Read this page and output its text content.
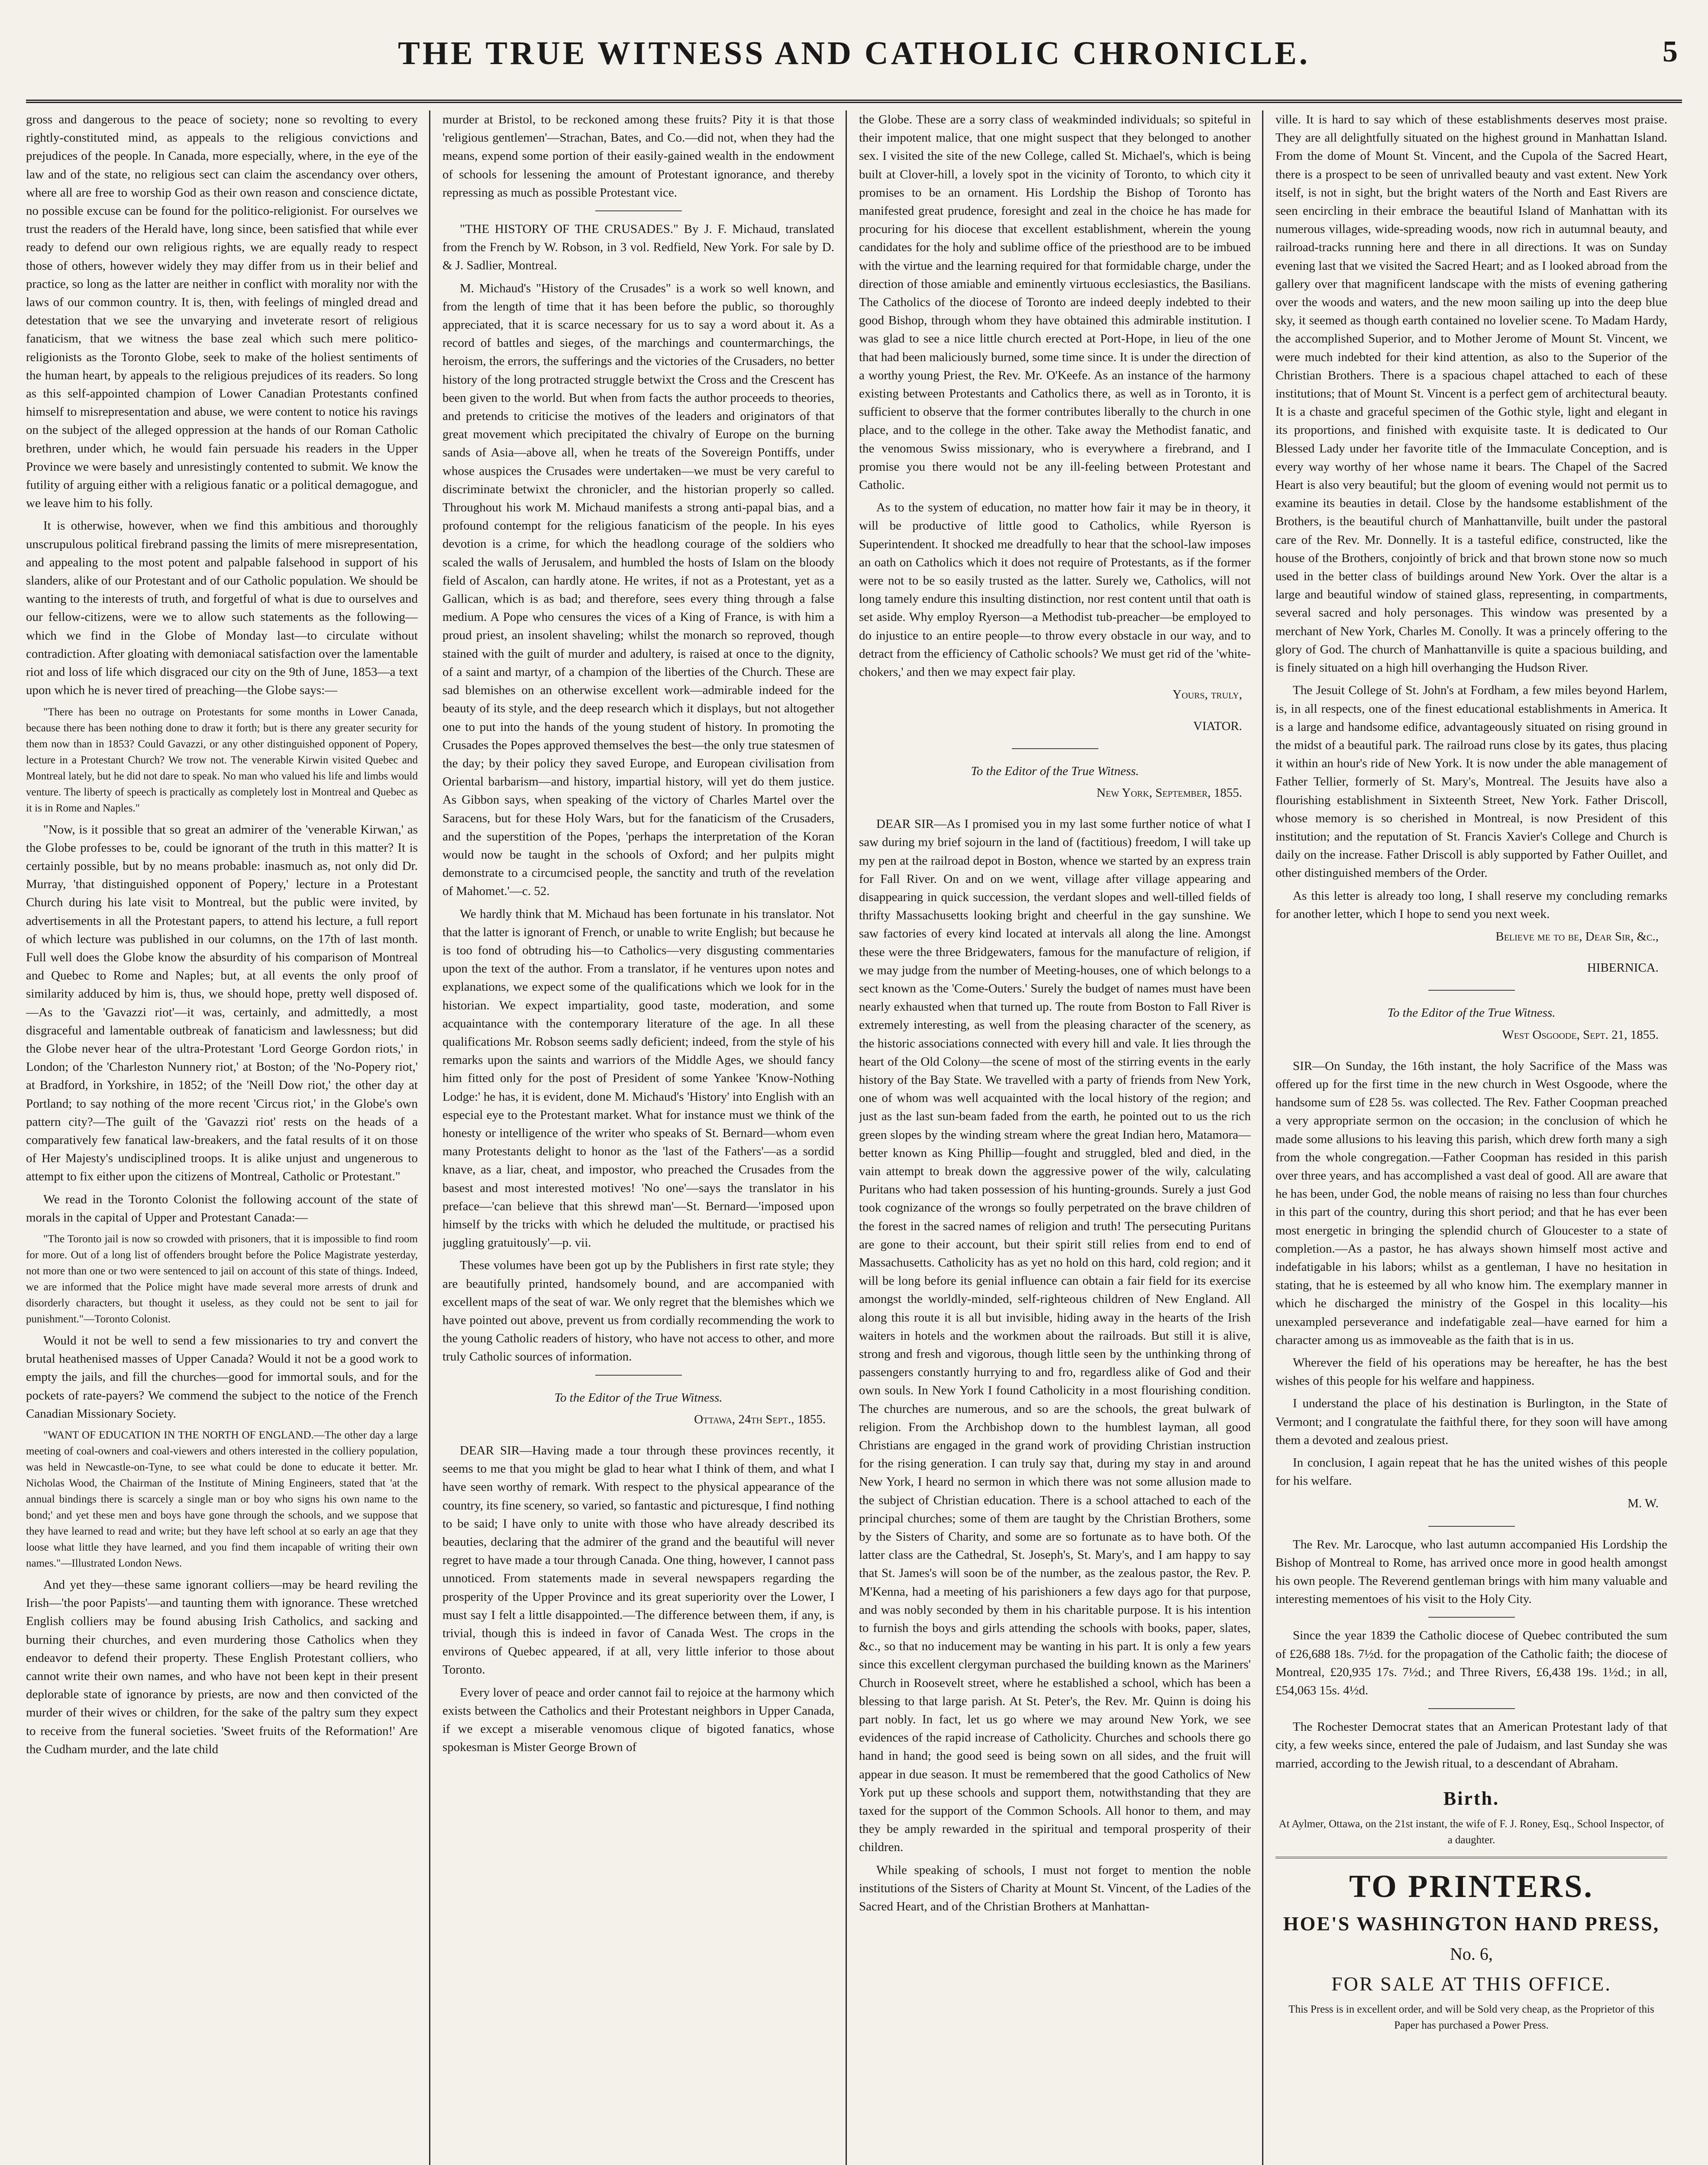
THE TRUE WITNESS AND CATHOLIC CHRONICLE.	5

gross and dangerous to the peace of society; none so revolting to every rightly-constituted mind, as appeals to the religious convictions and prejudices of the people. In Canada, more especially, where, in the eye of the law and of the state, no religious sect can claim the ascendancy over others, where all are free to worship God as their own reason and conscience dictate, no possible excuse can be found for the politico-religionist. For ourselves we trust the readers of the Herald have, long since, been satisfied that while ever ready to defend our own religious rights, we are equally ready to respect those of others, however widely they may differ from us in their belief and practice, so long as the latter are neither in conflict with morality nor with the laws of our common country. It is, then, with feelings of mingled dread and detestation that we see the unvarying and inveterate resort of religious fanaticism, that we witness the base zeal which such mere politico-religionists as the Toronto Globe, seek to make of the holiest sentiments of the human heart, by appeals to the religious prejudices of its readers. So long as this self-appointed champion of Lower Canadian Protestants confined himself to misrepresentation and abuse, we were content to notice his ravings on the subject of the alleged oppression at the hands of our Roman Catholic brethren, under which, he would fain persuade his readers in the Upper Province we were basely and unresistingly contented to submit. We know the futility of arguing either with a religious fanatic or a political demagogue, and we leave him to his folly.

It is otherwise, however, when we find this ambitious and thoroughly unscrupulous political firebrand passing the limits of mere misrepresentation, and appealing to the most potent and palpable falsehood in support of his slanders, alike of our Protestant and of our Catholic population. We should be wanting to the interests of truth, and forgetful of what is due to ourselves and our fellow-citizens, were we to allow such statements as the following—which we find in the Globe of Monday last—to circulate without contradiction. After gloating with demoniacal satisfaction over the lamentable riot and loss of life which disgraced our city on the 9th of June, 1853—a text upon which he is never tired of preaching—the Globe says:—

"There has been no outrage on Protestants for some months in Lower Canada, because there has been nothing done to draw it forth; but is there any greater security for them now than in 1853? Could Gavazzi, or any other distinguished opponent of Popery, lecture in a Protestant Church? We trow not. The venerable Kirwin visited Quebec and Montreal lately, but he did not dare to speak. No man who valued his life and limbs would venture. The liberty of speech is practically as completely lost in Montreal and Quebec as it is in Rome and Naples."

"Now, is it possible that so great an admirer of the 'venerable Kirwan,' as the Globe professes to be, could be ignorant of the truth in this matter? It is certainly possible, but by no means probable: inasmuch as, not only did Dr. Murray, 'that distinguished opponent of Popery,' lecture in a Protestant Church during his late visit to Montreal, but the public were invited, by advertisements in all the Protestant papers, to attend his lecture, a full report of which lecture was published in our columns, on the 17th of last month. Full well does the Globe know the absurdity of his comparison of Montreal and Quebec to Rome and Naples; but, at all events the only proof of similarity adduced by him is, thus, we should hope, pretty well disposed of.—As to the 'Gavazzi riot'—it was, certainly, and admittedly, a most disgraceful and lamentable outbreak of fanaticism and lawlessness; but did the Globe never hear of the ultra-Protestant 'Lord George Gordon riots,' in London; of the 'Charleston Nunnery riot,' at Boston; of the 'No-Popery riot,' at Bradford, in Yorkshire, in 1852; of the 'Neill Dow riot,' the other day at Portland; to say nothing of the more recent 'Circus riot,' in the Globe's own pattern city?—The guilt of the 'Gavazzi riot' rests on the heads of a comparatively few fanatical law-breakers, and the fatal results of it on those of Her Majesty's undisciplined troops. It is alike unjust and ungenerous to attempt to fix either upon the citizens of Montreal, Catholic or Protestant."

We read in the Toronto Colonist the following account of the state of morals in the capital of Upper and Protestant Canada:—

"The Toronto jail is now so crowded with prisoners, that it is impossible to find room for more. Out of a long list of offenders brought before the Police Magistrate yesterday, not more than one or two were sentenced to jail on account of this state of things. Indeed, we are informed that the Police might have made several more arrests of drunk and disorderly characters, but thought it useless, as they could not be sent to jail for punishment."—Toronto Colonist.

Would it not be well to send a few missionaries to try and convert the brutal heathenised masses of Upper Canada? Would it not be a good work to empty the jails, and fill the churches—good for immortal souls, and for the pockets of rate-payers? We commend the subject to the notice of the French Canadian Missionary Society.

"WANT OF EDUCATION IN THE NORTH OF ENGLAND.—The other day a large meeting of coal-owners and coal-viewers and others interested in the colliery population, was held in Newcastle-on-Tyne, to see what could be done to educate it better. Mr. Nicholas Wood, the Chairman of the Institute of Mining Engineers, stated that 'at the annual bindings there is scarcely a single man or boy who signs his own name to the bond;' and yet these men and boys have gone through the schools, and we suppose that they have learned to read and write; but they have left school at so early an age that they loose what little they have learned, and you find them incapable of writing their own names."—Illustrated London News.

And yet they—these same ignorant colliers—may be heard reviling the Irish—'the poor Papists'—and taunting them with ignorance. These wretched English colliers may be found abusing Irish Catholics, and sacking and burning their churches, and even murdering those Catholics when they endeavor to defend their property. These English Protestant colliers, who cannot write their own names, and who have not been kept in their present deplorable state of ignorance by priests, are now and then convicted of the murder of their wives or children, for the sake of the paltry sum they expect to receive from the funeral societies. 'Sweet fruits of the Reformation!' Are the Cudham murder, and the late child

murder at Bristol, to be reckoned among these fruits? Pity it is that those 'religious gentlemen'—Strachan, Bates, and Co.—did not, when they had the means, expend some portion of their easily-gained wealth in the endowment of schools for lessening the amount of Protestant ignorance, and thereby repressing as much as possible Protestant vice.

"THE HISTORY OF THE CRUSADES." By J. F. Michaud, translated from the French by W. Robson, in 3 vol. Redfield, New York. For sale by D. & J. Sadlier, Montreal.

M. Michaud's "History of the Crusades" is a work so well known, and from the length of time that it has been before the public, so thoroughly appreciated, that it is scarce necessary for us to say a word about it. As a record of battles and sieges, of the marchings and countermarchings, the heroism, the errors, the sufferings and the victories of the Crusaders, no better history of the long protracted struggle betwixt the Cross and the Crescent has been given to the world. But when from facts the author proceeds to theories, and pretends to criticise the motives of the leaders and originators of that great movement which precipitated the chivalry of Europe on the burning sands of Asia—above all, when he treats of the Sovereign Pontiffs, under whose auspices the Crusades were undertaken—we must be very careful to discriminate betwixt the chronicler, and the historian properly so called. Throughout his work M. Michaud manifests a strong anti-papal bias, and a profound contempt for the religious fanaticism of the people. In his eyes devotion is a crime, for which the headlong courage of the soldiers who scaled the walls of Jerusalem, and humbled the hosts of Islam on the bloody field of Ascalon, can hardly atone. He writes, if not as a Protestant, yet as a Gallican, which is as bad; and therefore, sees every thing through a false medium. A Pope who censures the vices of a King of France, is with him a proud priest, an insolent shaveling; whilst the monarch so reproved, though stained with the guilt of murder and adultery, is raised at once to the dignity, of a saint and martyr, of a champion of the liberties of the Church. These are sad blemishes on an otherwise excellent work—admirable indeed for the beauty of its style, and the deep research which it displays, but not altogether one to put into the hands of the young student of history. In promoting the Crusades the Popes approved themselves the best—the only true statesmen of the day; by their policy they saved Europe, and European civilisation from Oriental barbarism—and history, impartial history, will yet do them justice. As Gibbon says, when speaking of the victory of Charles Martel over the Saracens, but for these Holy Wars, but for the fanaticism of the Crusaders, and the superstition of the Popes, 'perhaps the interpretation of the Koran would now be taught in the schools of Oxford; and her pulpits might demonstrate to a circumcised people, the sanctity and truth of the revelation of Mahomet.'—c. 52.

We hardly think that M. Michaud has been fortunate in his translator. Not that the latter is ignorant of French, or unable to write English; but because he is too fond of obtruding his—to Catholics—very disgusting commentaries upon the text of the author. From a translator, if he ventures upon notes and explanations, we expect some of the qualifications which we look for in the historian. We expect impartiality, good taste, moderation, and some acquaintance with the contemporary literature of the age. In all these qualifications Mr. Robson seems sadly deficient; indeed, from the style of his remarks upon the saints and warriors of the Middle Ages, we should fancy him fitted only for the post of President of some Yankee 'Know-Nothing Lodge:' he has, it is evident, done M. Michaud's 'History' into English with an especial eye to the Protestant market. What for instance must we think of the honesty or intelligence of the writer who speaks of St. Bernard—whom even many Protestants delight to honor as the 'last of the Fathers'—as a sordid knave, as a liar, cheat, and impostor, who preached the Crusades from the basest and most interested motives! 'No one'—says the translator in his preface—'can believe that this shrewd man'—St. Bernard—'imposed upon himself by the tricks with which he deluded the multitude, or practised his juggling gratuitously'—p. vii.

These volumes have been got up by the Publishers in first rate style; they are beautifully printed, handsomely bound, and are accompanied with excellent maps of the seat of war. We only regret that the blemishes which we have pointed out above, prevent us from cordially recommending the work to the young Catholic readers of history, who have not access to other, and more truly Catholic sources of information.

To the Editor of the True Witness.

Ottawa, 24th Sept., 1855.

DEAR SIR—Having made a tour through these provinces recently, it seems to me that you might be glad to hear what I think of them, and what I have seen worthy of remark. With respect to the physical appearance of the country, its fine scenery, so varied, so fantastic and picturesque, I find nothing to be said; I have only to unite with those who have already described its beauties, declaring that the admirer of the grand and the beautiful will never regret to have made a tour through Canada. One thing, however, I cannot pass unnoticed. From statements made in several newspapers regarding the prosperity of the Upper Province and its great superiority over the Lower, I must say I felt a little disappointed.—The difference between them, if any, is trivial, though this is indeed in favor of Canada West. The crops in the environs of Quebec appeared, if at all, very little inferior to those about Toronto.

Every lover of peace and order cannot fail to rejoice at the harmony which exists between the Catholics and their Protestant neighbors in Upper Canada, if we except a miserable venomous clique of bigoted fanatics, whose spokesman is Mister George Brown of

the Globe. These are a sorry class of weakminded individuals; so spiteful in their impotent malice, that one might suspect that they belonged to another sex. I visited the site of the new College, called St. Michael's, which is being built at Clover-hill, a lovely spot in the vicinity of Toronto, to which city it promises to be an ornament. His Lordship the Bishop of Toronto has manifested great prudence, foresight and zeal in the choice he has made for procuring for his diocese that excellent establishment, wherein the young candidates for the holy and sublime office of the priesthood are to be imbued with the virtue and the learning required for that formidable charge, under the direction of those amiable and eminently virtuous ecclesiastics, the Basilians. The Catholics of the diocese of Toronto are indeed deeply indebted to their good Bishop, through whom they have obtained this admirable institution. I was glad to see a nice little church erected at Port-Hope, in lieu of the one that had been maliciously burned, some time since. It is under the direction of a worthy young Priest, the Rev. Mr. O'Keefe. As an instance of the harmony existing between Protestants and Catholics there, as well as in Toronto, it is sufficient to observe that the former contributes liberally to the church in one place, and to the college in the other. Take away the Methodist fanatic, and the venomous Swiss missionary, who is everywhere a firebrand, and I promise you there would not be any ill-feeling between Protestant and Catholic.

As to the system of education, no matter how fair it may be in theory, it will be productive of little good to Catholics, while Ryerson is Superintendent. It shocked me dreadfully to hear that the school-law imposes an oath on Catholics which it does not require of Protestants, as if the former were not to be so easily trusted as the latter. Surely we, Catholics, will not long tamely endure this insulting distinction, nor rest content until that oath is set aside. Why employ Ryerson—a Methodist tub-preacher—be employed to do injustice to an entire people—to throw every obstacle in our way, and to detract from the efficiency of Catholic schools? We must get rid of the 'white-chokers,' and then we may expect fair play.

Yours, truly,

VIATOR.

To the Editor of the True Witness.

New York, September, 1855.

DEAR SIR—As I promised you in my last some further notice of what I saw during my brief sojourn in the land of (factitious) freedom, I will take up my pen at the railroad depot in Boston, whence we started by an express train for Fall River. On and on we went, village after village appearing and disappearing in quick succession, the verdant slopes and well-tilled fields of thrifty Massachusetts looking bright and cheerful in the gay sunshine. We saw factories of every kind located at intervals all along the line. Amongst these were the three Bridgewaters, famous for the manufacture of religion, if we may judge from the number of Meeting-houses, one of which belongs to a sect known as the 'Come-Outers.' Surely the budget of names must have been nearly exhausted when that turned up. The route from Boston to Fall River is extremely interesting, as well from the pleasing character of the scenery, as the historic associations connected with every hill and vale. It lies through the heart of the Old Colony—the scene of most of the stirring events in the early history of the Bay State. We travelled with a party of friends from New York, one of whom was well acquainted with the local history of the region; and just as the last sun-beam faded from the earth, he pointed out to us the rich green slopes by the winding stream where the great Indian hero, Matamora—better known as King Phillip—fought and struggled, bled and died, in the vain attempt to break down the aggressive power of the wily, calculating Puritans who had taken possession of his hunting-grounds. Surely a just God took cognizance of the wrongs so foully perpetrated on the brave children of the forest in the sacred names of religion and truth! The persecuting Puritans are gone to their account, but their spirit still relies from end to end of Massachusetts. Catholicity has as yet no hold on this hard, cold region; and it will be long before its genial influence can obtain a fair field for its exercise amongst the worldly-minded, self-righteous children of New England. All along this route it is all but invisible, hiding away in the hearts of the Irish waiters in hotels and the workmen about the railroads. But still it is alive, strong and fresh and vigorous, though little seen by the unthinking throng of passengers constantly hurrying to and fro, regardless alike of God and their own souls. In New York I found Catholicity in a most flourishing condition. The churches are numerous, and so are the schools, the great bulwark of religion. From the Archbishop down to the humblest layman, all good Christians are engaged in the grand work of providing Christian instruction for the rising generation. I can truly say that, during my stay in and around New York, I heard no sermon in which there was not some allusion made to the subject of Christian education. There is a school attached to each of the principal churches; some of them are taught by the Christian Brothers, some by the Sisters of Charity, and some are so fortunate as to have both. Of the latter class are the Cathedral, St. Joseph's, St. Mary's, and I am happy to say that St. James's will soon be of the number, as the zealous pastor, the Rev. P. M'Kenna, had a meeting of his parishioners a few days ago for that purpose, and was nobly seconded by them in his charitable purpose. It is his intention to furnish the boys and girls attending the schools with books, paper, slates, &c., so that no inducement may be wanting in his part. It is only a few years since this excellent clergyman purchased the building known as the Mariners' Church in Roosevelt street, where he established a school, which has been a blessing to that large parish. At St. Peter's, the Rev. Mr. Quinn is doing his part nobly. In fact, let us go where we may around New York, we see evidences of the rapid increase of Catholicity. Churches and schools there go hand in hand; the good seed is being sown on all sides, and the fruit will appear in due season. It must be remembered that the good Catholics of New York put up these schools and support them, notwithstanding that they are taxed for the support of the Common Schools. All honor to them, and may they be amply rewarded in the spiritual and temporal prosperity of their children.

While speaking of schools, I must not forget to mention the noble institutions of the Sisters of Charity at Mount St. Vincent, of the Ladies of the Sacred Heart, and of the Christian Brothers at Manhattan-

ville. It is hard to say which of these establishments deserves most praise. They are all delightfully situated on the highest ground in Manhattan Island. From the dome of Mount St. Vincent, and the Cupola of the Sacred Heart, there is a prospect to be seen of unrivalled beauty and vast extent. New York itself, is not in sight, but the bright waters of the North and East Rivers are seen encircling in their embrace the beautiful Island of Manhattan with its numerous villages, wide-spreading woods, now rich in autumnal beauty, and railroad-tracks running here and there in all directions. It was on Sunday evening last that we visited the Sacred Heart; and as I looked abroad from the gallery over that magnificent landscape with the mists of evening gathering over the woods and waters, and the new moon sailing up into the deep blue sky, it seemed as though earth contained no lovelier scene. To Madam Hardy, the accomplished Superior, and to Mother Jerome of Mount St. Vincent, we were much indebted for their kind attention, as also to the Superior of the Christian Brothers. There is a spacious chapel attached to each of these institutions; that of Mount St. Vincent is a perfect gem of architectural beauty. It is a chaste and graceful specimen of the Gothic style, light and elegant in its proportions, and finished with exquisite taste. It is dedicated to Our Blessed Lady under her favorite title of the Immaculate Conception, and is every way worthy of her whose name it bears. The Chapel of the Sacred Heart is also very beautiful; but the gloom of evening would not permit us to examine its beauties in detail. Close by the handsome establishment of the Brothers, is the beautiful church of Manhattanville, built under the pastoral care of the Rev. Mr. Donnelly. It is a tasteful edifice, constructed, like the house of the Brothers, conjointly of brick and that brown stone now so much used in the better class of buildings around New York. Over the altar is a large and beautiful window of stained glass, representing, in compartments, several sacred and holy personages. This window was presented by a merchant of New York, Charles M. Conolly. It was a princely offering to the glory of God. The church of Manhattanville is quite a spacious building, and is finely situated on a high hill overhanging the Hudson River.

The Jesuit College of St. John's at Fordham, a few miles beyond Harlem, is, in all respects, one of the finest educational establishments in America. It is a large and handsome edifice, advantageously situated on rising ground in the midst of a beautiful park. The railroad runs close by its gates, thus placing it within an hour's ride of New York. It is now under the able management of Father Tellier, formerly of St. Mary's, Montreal. The Jesuits have also a flourishing establishment in Sixteenth Street, New York. Father Driscoll, whose memory is so cherished in Montreal, is now President of this institution; and the reputation of St. Francis Xavier's College and Church is daily on the increase. Father Driscoll is ably supported by Father Ouillet, and other distinguished members of the Order.

As this letter is already too long, I shall reserve my concluding remarks for another letter, which I hope to send you next week.

Believe me to be, Dear Sir, &c.,

HIBERNICA.

To the Editor of the True Witness.

West Osgoode, Sept. 21, 1855.

SIR—On Sunday, the 16th instant, the holy Sacrifice of the Mass was offered up for the first time in the new church in West Osgoode, where the handsome sum of £28 5s. was collected. The Rev. Father Coopman preached a very appropriate sermon on the occasion; in the conclusion of which he made some allusions to his leaving this parish, which drew forth many a sigh from the whole congregation.—Father Coopman has resided in this parish over three years, and has accomplished a vast deal of good. All are aware that he has been, under God, the noble means of raising no less than four churches in this part of the country, during this short period; and that he has ever been most energetic in bringing the splendid church of Gloucester to a state of completion.—As a pastor, he has always shown himself most active and indefatigable in his labors; whilst as a gentleman, I have no hesitation in stating, that he is esteemed by all who know him. The exemplary manner in which he discharged the ministry of the Gospel in this locality—his unexampled perseverance and indefatigable zeal—have earned for him a character among us as immoveable as the faith that is in us.

Wherever the field of his operations may be hereafter, he has the best wishes of this people for his welfare and happiness.

I understand the place of his destination is Burlington, in the State of Vermont; and I congratulate the faithful there, for they soon will have among them a devoted and zealous priest.

In conclusion, I again repeat that he has the united wishes of this people for his welfare.

M. W.

The Rev. Mr. Larocque, who last autumn accompanied His Lordship the Bishop of Montreal to Rome, has arrived once more in good health amongst his own people. The Reverend gentleman brings with him many valuable and interesting mementoes of his visit to the Holy City.

Since the year 1839 the Catholic diocese of Quebec contributed the sum of £26,688 18s. 7½d. for the propagation of the Catholic faith; the diocese of Montreal, £20,935 17s. 7½d.; and Three Rivers, £6,438 19s. 1½d.; in all, £54,063 15s. 4½d.

The Rochester Democrat states that an American Protestant lady of that city, a few weeks since, entered the pale of Judaism, and last Sunday she was married, according to the Jewish ritual, to a descendant of Abraham.

Birth.

At Aylmer, Ottawa, on the 21st instant, the wife of F. J. Roney, Esq., School Inspector, of a daughter.

TO PRINTERS.

HOE'S WASHINGTON HAND PRESS,

No. 6,

FOR SALE AT THIS OFFICE.

This Press is in excellent order, and will be Sold very cheap, as the Proprietor of this Paper has purchased a Power Press.
